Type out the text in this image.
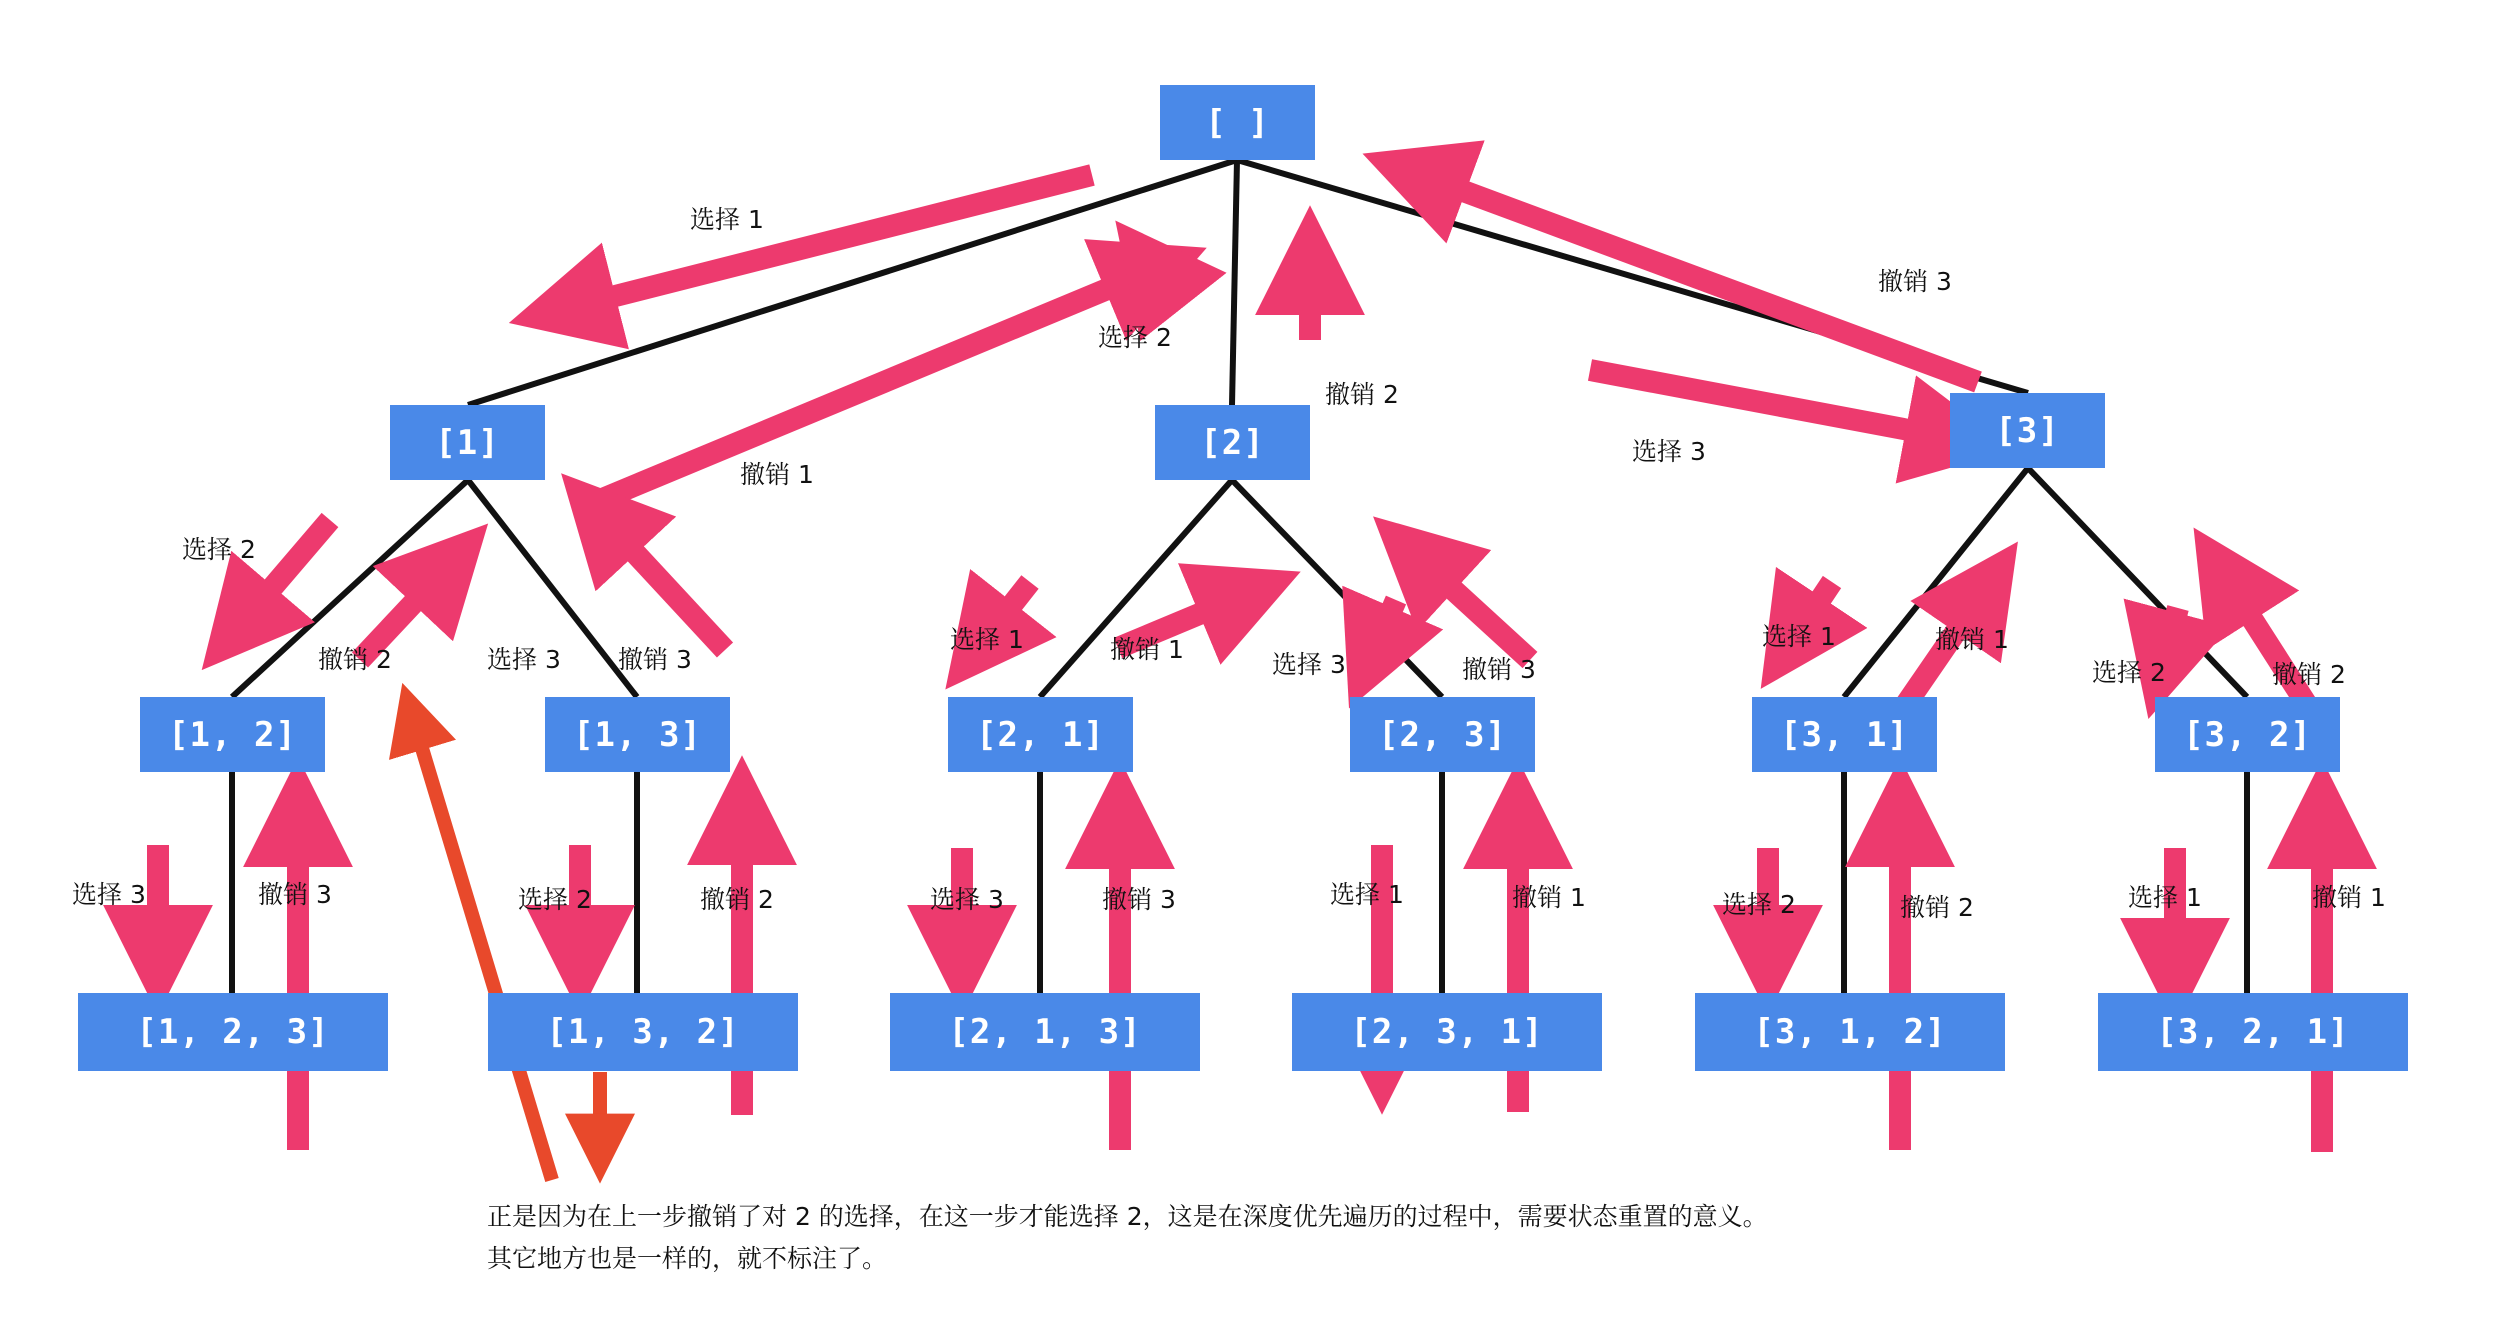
[ ]
[1]	[2]	[3]
[1, 2]	[1, 3]	[2, 1]	[2, 3]	[3, 1]	[3, 2]
[1, 2, 3]	[1, 3, 2]	[2, 1, 3]	[2, 3, 1]	[3, 1, 2]	[3, 2, 1]
选择 1
撤销 1
选择 2
撤销 2
选择 3
撤销 3
选择 2
撤销 2	选择 3 撤销 3
选择 1	撤销 1
选择 3	撤销 3
选择 1	撤销 1
选择 2	撤销 2
选择 3	撤销 3	选择 2	撤销 2	选择 3	撤销 3	选择 1	撤销 1	选择 2	撤销 2	选择 1	撤销 1
正是因为在上一步撤销了对 2 的选择，在这一步才能选择 2，这是在深度优先遍历的过程中，需要状态重置的意义。
其它地方也是一样的，就不标注了。
